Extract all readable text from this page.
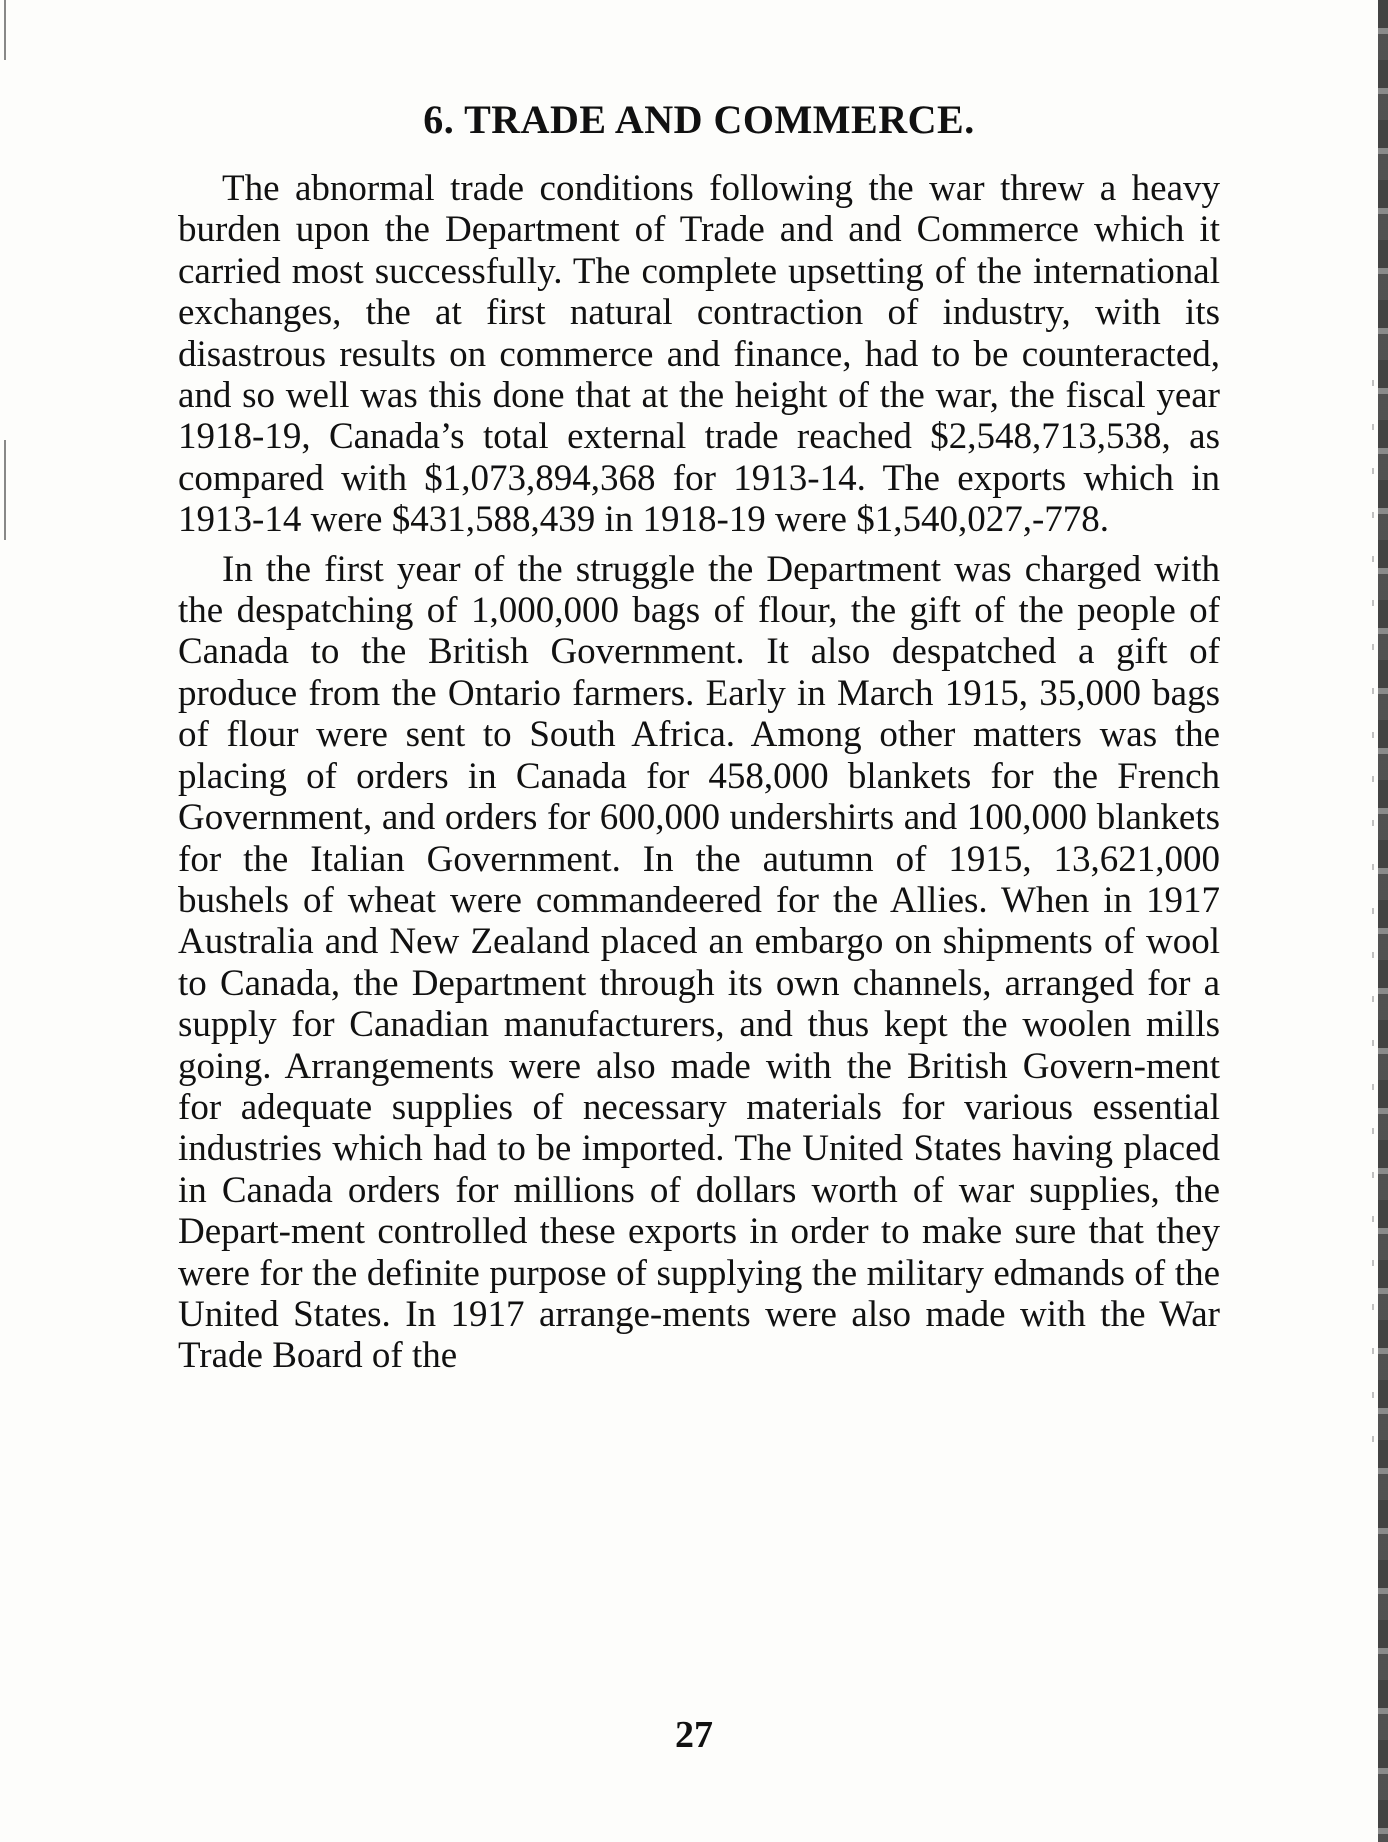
6. TRADE AND COMMERCE.

The abnormal trade conditions following the war threw a heavy burden upon the Department of Trade and and Commerce which it carried most successfully. The complete upsetting of the international exchanges, the at first natural contraction of industry, with its disastrous results on commerce and finance, had to be counteracted, and so well was this done that at the height of the war, the fiscal year 1918-19, Canada’s total external trade reached $2,548,713,538, as compared with $1,073,894,368 for 1913-14. The exports which in 1913-14 were $431,588,439 in 1918-19 were $1,540,027,-778.

In the first year of the struggle the Department was charged with the despatching of 1,000,000 bags of flour, the gift of the people of Canada to the British Government. It also despatched a gift of produce from the Ontario farmers. Early in March 1915, 35,000 bags of flour were sent to South Africa. Among other matters was the placing of orders in Canada for 458,000 blankets for the French Government, and orders for 600,000 undershirts and 100,000 blankets for the Italian Government. In the autumn of 1915, 13,621,000 bushels of wheat were commandeered for the Allies. When in 1917 Australia and New Zealand placed an embargo on shipments of wool to Canada, the Department through its own channels, arranged for a supply for Canadian manufacturers, and thus kept the woolen mills going. Arrangements were also made with the British Govern-ment for adequate supplies of necessary materials for various essential industries which had to be imported. The United States having placed in Canada orders for millions of dollars worth of war supplies, the Depart-ment controlled these exports in order to make sure that they were for the definite purpose of supplying the military edmands of the United States. In 1917 arrange-ments were also made with the War Trade Board of the

27
